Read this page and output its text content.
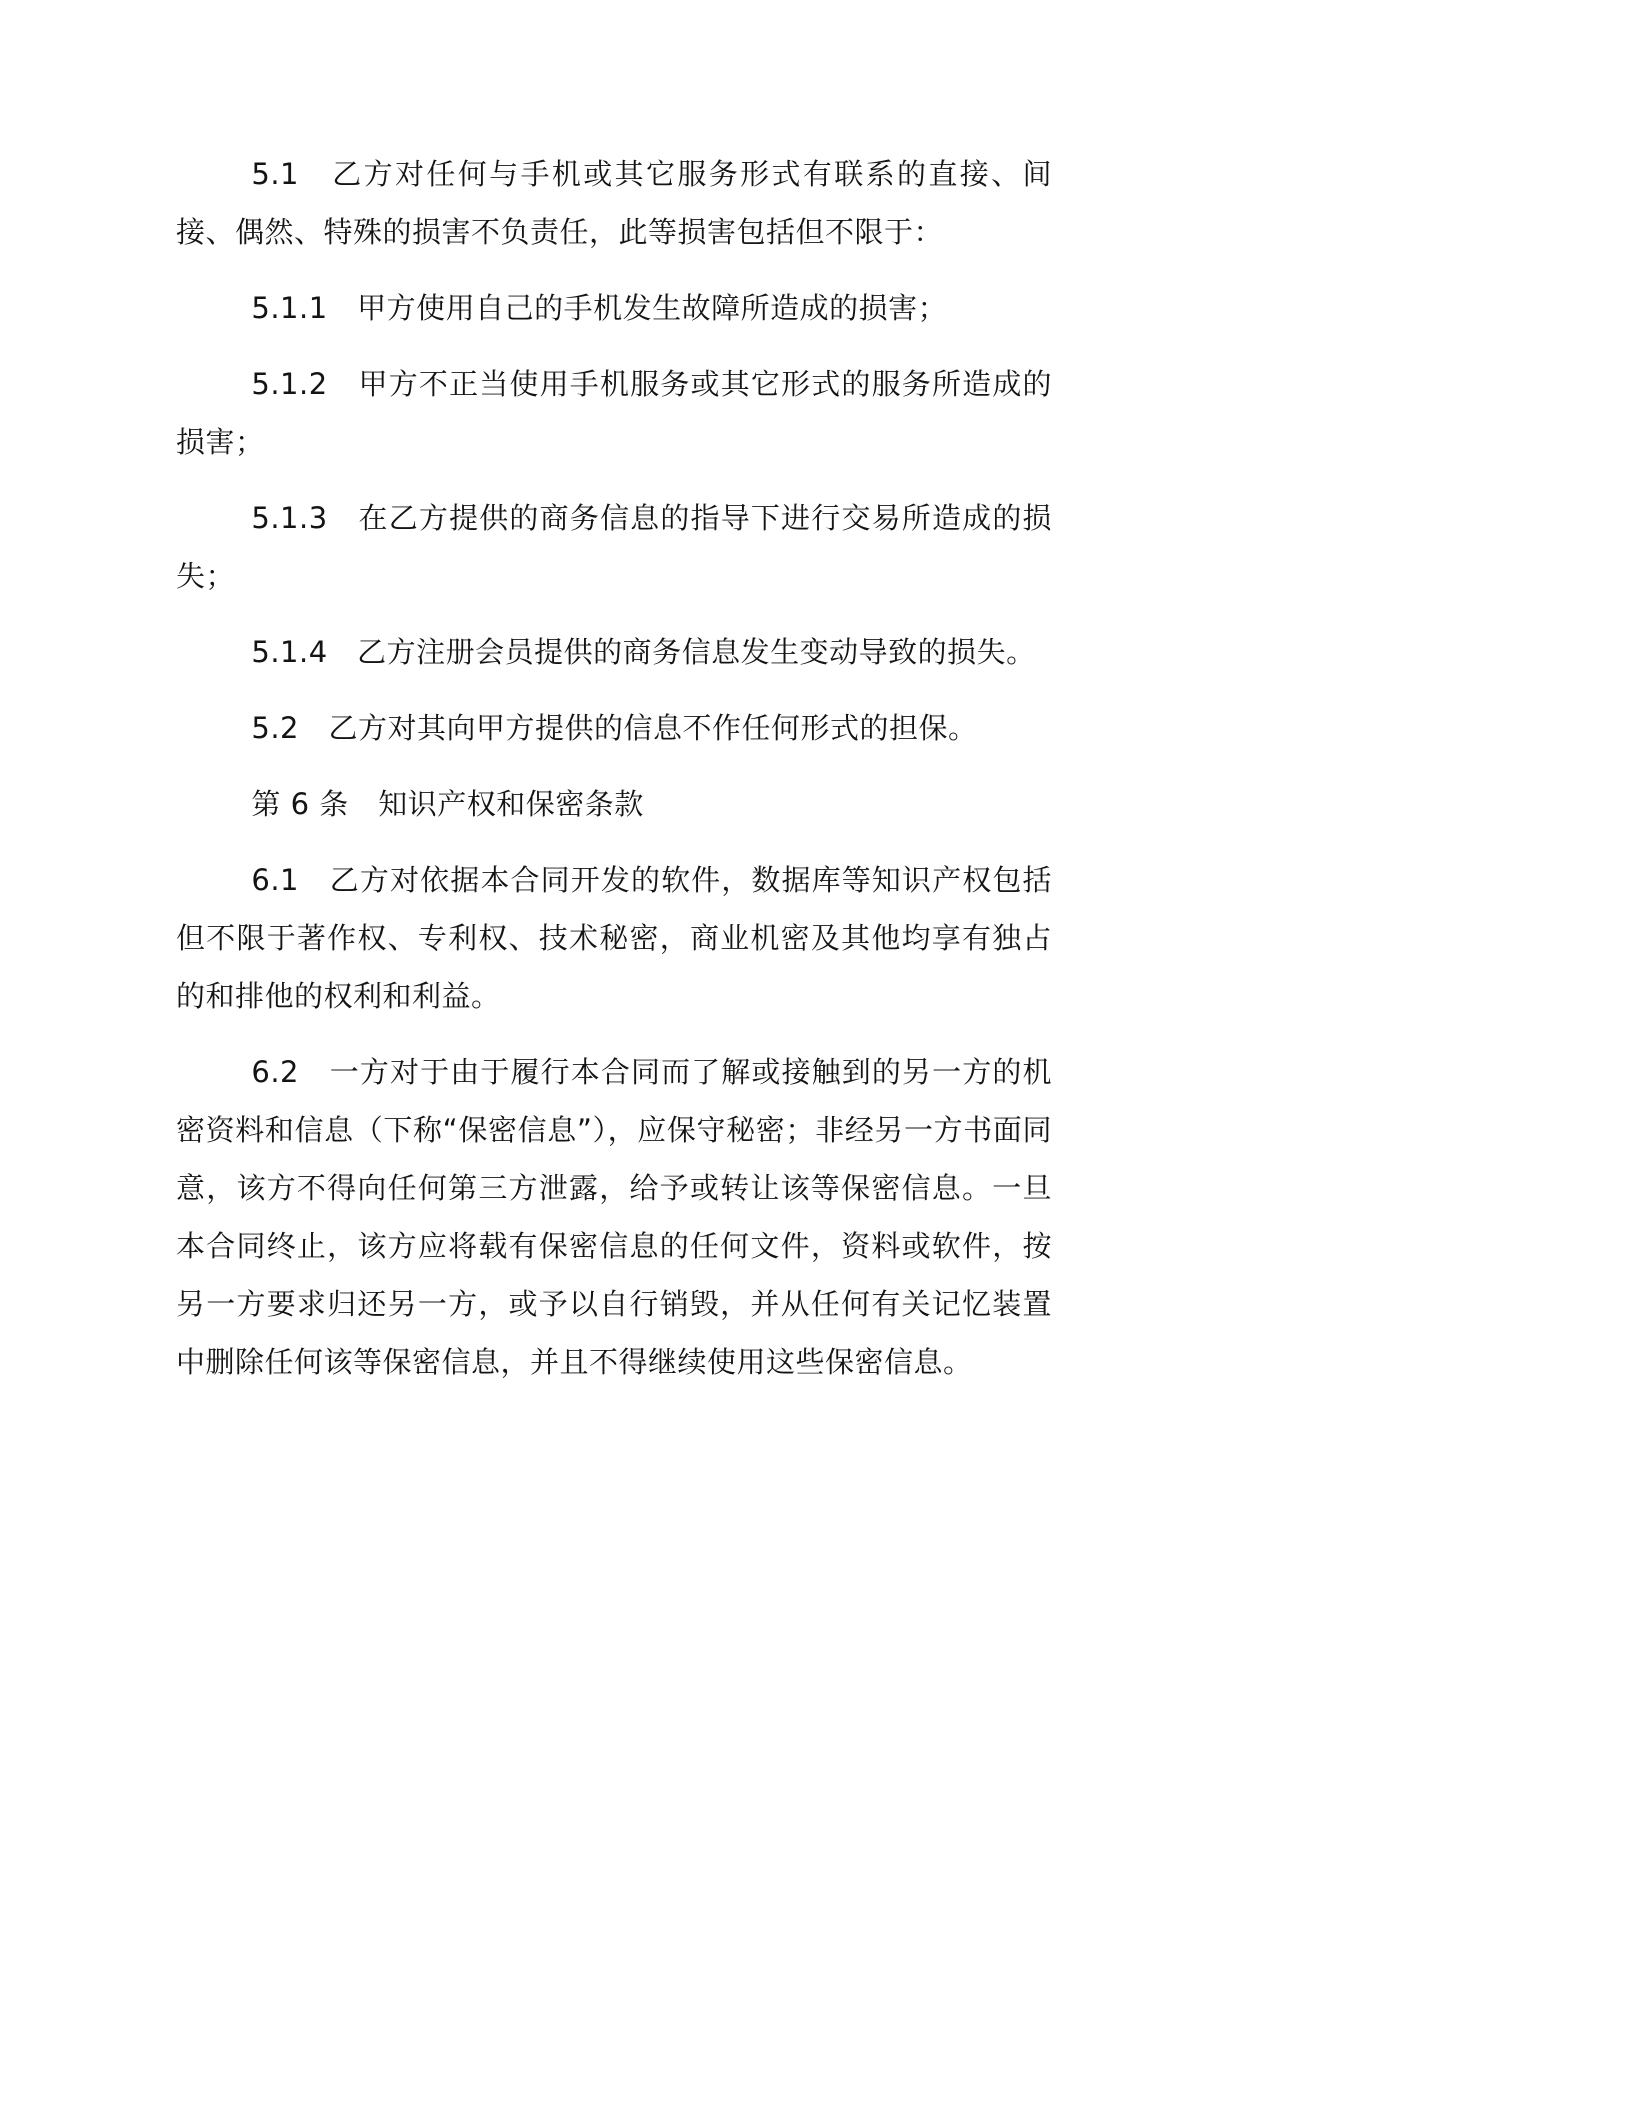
5.1　乙方对任何与手机或其它服务形式有联系的直接、间接、偶然、特殊的损害不负责任，此等损害包括但不限于：

5.1.1　甲方使用自己的手机发生故障所造成的损害；

5.1.2　甲方不正当使用手机服务或其它形式的服务所造成的损害；

5.1.3　在乙方提供的商务信息的指导下进行交易所造成的损失；

5.1.4　乙方注册会员提供的商务信息发生变动导致的损失。

5.2　乙方对其向甲方提供的信息不作任何形式的担保。

第 6 条　知识产权和保密条款

6.1　乙方对依据本合同开发的软件，数据库等知识产权包括但不限于著作权、专利权、技术秘密，商业机密及其他均享有独占的和排他的权利和利益。

6.2　一方对于由于履行本合同而了解或接触到的另一方的机密资料和信息（下称“保密信息”），应保守秘密；非经另一方书面同意，该方不得向任何第三方泄露，给予或转让该等保密信息。一旦本合同终止，该方应将载有保密信息的任何文件，资料或软件，按另一方要求归还另一方，或予以自行销毁，并从任何有关记忆装置中删除任何该等保密信息，并且不得继续使用这些保密信息。
